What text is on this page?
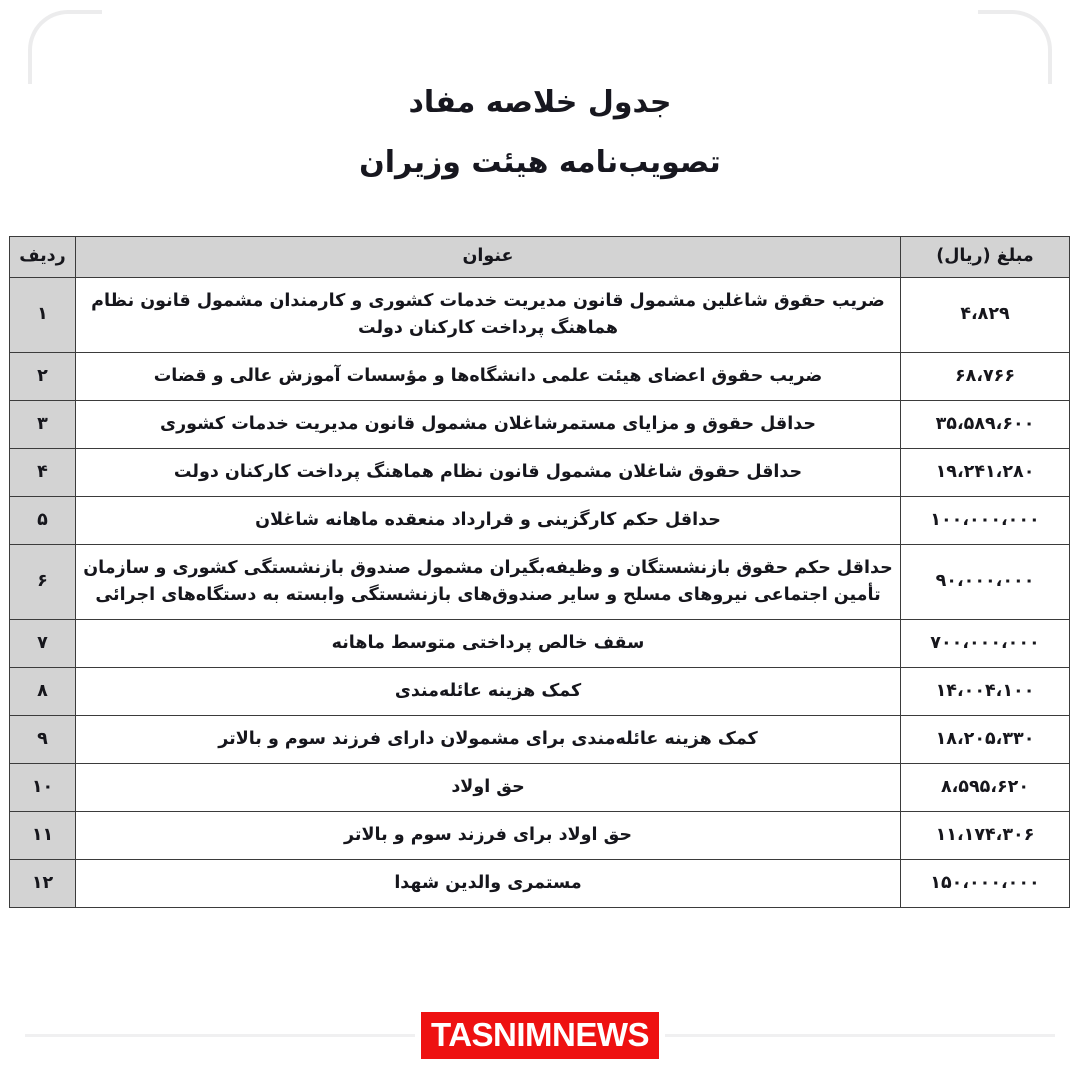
جدول خلاصه مفاد
تصویب‌نامه هیئت وزیران
مبلغ (ریال)	عنوان	ردیف
۴،۸۲۹	ضریب حقوق شاغلین مشمول قانون مدیریت خدمات کشوری و کارمندان مشمول قانون نظام هماهنگ پرداخت کارکنان دولت	۱
۶۸،۷۶۶	ضریب حقوق اعضای هیئت علمی دانشگاه‌ها و مؤسسات آموزش عالی و قضات	۲
۳۵،۵۸۹،۶۰۰	حداقل حقوق و مزایای مستمرشاغلان مشمول قانون مدیریت خدمات کشوری	۳
۱۹،۲۴۱،۲۸۰	حداقل حقوق شاغلان مشمول قانون نظام هماهنگ پرداخت کارکنان دولت	۴
۱۰۰،۰۰۰،۰۰۰	حداقل حکم کارگزینی و قرارداد منعقده ماهانه شاغلان	۵
۹۰،۰۰۰،۰۰۰	حداقل حکم حقوق بازنشستگان و وظیفه‌بگیران مشمول صندوق بازنشستگی کشوری و سازمان تأمین اجتماعی نیروهای مسلح و سایر صندوق‌های بازنشستگی وابسته به دستگاه‌های اجرائی	۶
۷۰۰،۰۰۰،۰۰۰	سقف خالص پرداختی متوسط ماهانه	۷
۱۴،۰۰۴،۱۰۰	کمک هزینه عائله‌مندی	۸
۱۸،۲۰۵،۳۳۰	کمک هزینه عائله‌مندی برای مشمولان دارای فرزند سوم و بالاتر	۹
۸،۵۹۵،۶۲۰	حق اولاد	۱۰
۱۱،۱۷۴،۳۰۶	حق اولاد برای فرزند سوم و بالاتر	۱۱
۱۵۰،۰۰۰،۰۰۰	مستمری والدین شهدا	۱۲
TASNIMNEWS
